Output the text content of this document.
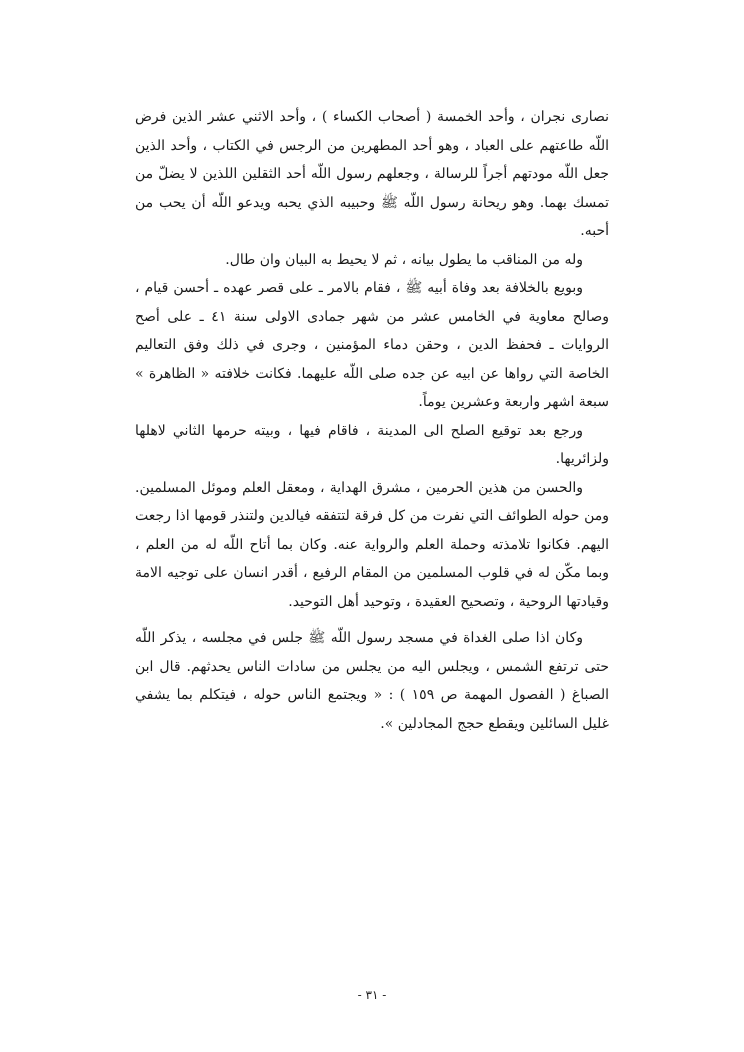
نصارى نجران ، وأحد الخمسة ( أصحاب الكساء ) ، وأحد الاثني عشر الذين فرض اللّه طاعتهم على العباد ، وهو أحد المطهرين من الرجس في الكتاب ، وأحد الذين جعل اللّه مودتهم أجراً للرسالة ، وجعلهم رسول اللّه أحد الثقلين اللذين لا يضلّ من تمسك بهما. وهو ريحانة رسول اللّه ﷺ وحبيبه الذي يحبه ويدعو اللّه أن يحب من أحبه.

وله من المناقب ما يطول بيانه ، ثم لا يحيط به البيان وان طال.

وبويع بالخلافة بعد وفاة أبيه ﷺ ، فقام بالامر ـ على قصر عهده ـ أحسن قيام ، وصالح معاوية في الخامس عشر من شهر جمادى الاولى سنة ٤١ ـ على أصح الروايات ـ فحفظ الدين ، وحقن دماء المؤمنين ، وجرى في ذلك وفق التعاليم الخاصة التي رواها عن ابيه عن جده صلى اللّه عليهما. فكانت خلافته « الظاهرة » سبعة اشهر واربعة وعشرين يوماً.

ورجع بعد توقيع الصلح الى المدينة ، فاقام فيها ، وبيته حرمها الثاني لاهلها ولزائريها.

والحسن من هذين الحرمين ، مشرق الهداية ، ومعقل العلم وموئل المسلمين. ومن حوله الطوائف التي نفرت من كل فرقة لتتفقه فيالدين ولتنذر قومها اذا رجعت اليهم. فكانوا تلامذته وحملة العلم والرواية عنه. وكان بما أتاح اللّه له من العلم ، وبما مكّن له في قلوب المسلمين من المقام الرفيع ، أقدر انسان على توجيه الامة وقيادتها الروحية ، وتصحيح العقيدة ، وتوحيد أهل التوحيد.

وكان اذا صلى الغداة في مسجد رسول اللّه ﷺ جلس في مجلسه ، يذكر اللّه حتى ترتفع الشمس ، ويجلس اليه من يجلس من سادات الناس يحدثهم. قال ابن الصباغ ( الفصول المهمة ص ١٥٩ ) : « ويجتمع الناس حوله ، فيتكلم بما يشفي غليل السائلين ويقطع حجج المجادلين ».

- ٣١ -
